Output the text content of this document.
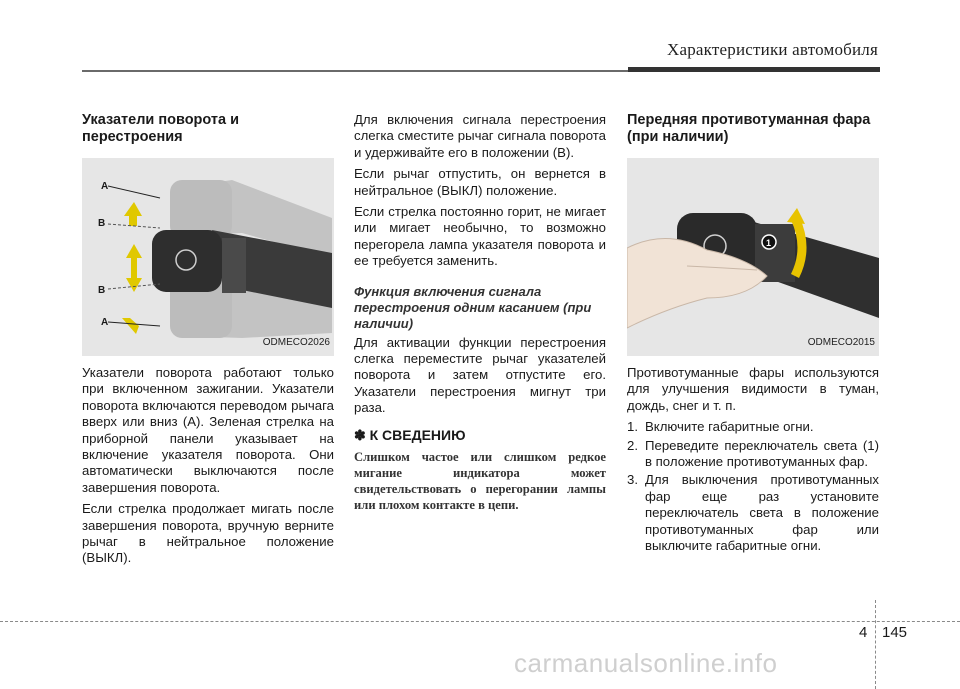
Характеристики автомобиля
Указатели поворота и перестроения
A
B
B
A
ODMECO2026

Указатели поворота работают только при включенном зажигании. Указатели поворота включаются переводом рычага вверх или вниз (A). Зеленая стрелка на приборной панели указывает на включение указателя поворота. Они автоматически выключаются после завершения поворота.

Если стрелка продолжает мигать после завершения поворота, вручную верните рычаг в нейтральное положение (ВЫКЛ).

Для включения сигнала перестроения слегка сместите рычаг сигнала поворота и удерживайте его в положении (B).

Если рычаг отпустить, он вернется в нейтральное (ВЫКЛ) положение.

Если стрелка постоянно горит, не мигает или мигает необычно, то возможно перегорела лампа указателя поворота и ее требуется заменить.

Функция включения сигнала перестроения одним касанием (при наличии)

Для активации функции перестроения слегка переместите рычаг указателей поворота и затем отпустите его. Указатели перестроения мигнут три раза.

✽ К СВЕДЕНИЮ

Слишком частое или слишком редкое мигание индикатора может свидетельствовать о перегорании лампы или плохом контакте в цепи.

Передняя противотуманная фара (при наличии)
1
ODMECO2015

Противотуманные фары используются для улучшения видимости в туман, дождь, снег и т. п.

1. Включите габаритные огни.
2. Переведите переключатель света (1) в положение противотуманных фар.
3. Для выключения противотуманных фар еще раз установите переключатель света в положение противотуманных фар или выключите габаритные огни.
4 145
carmanualsonline.info
